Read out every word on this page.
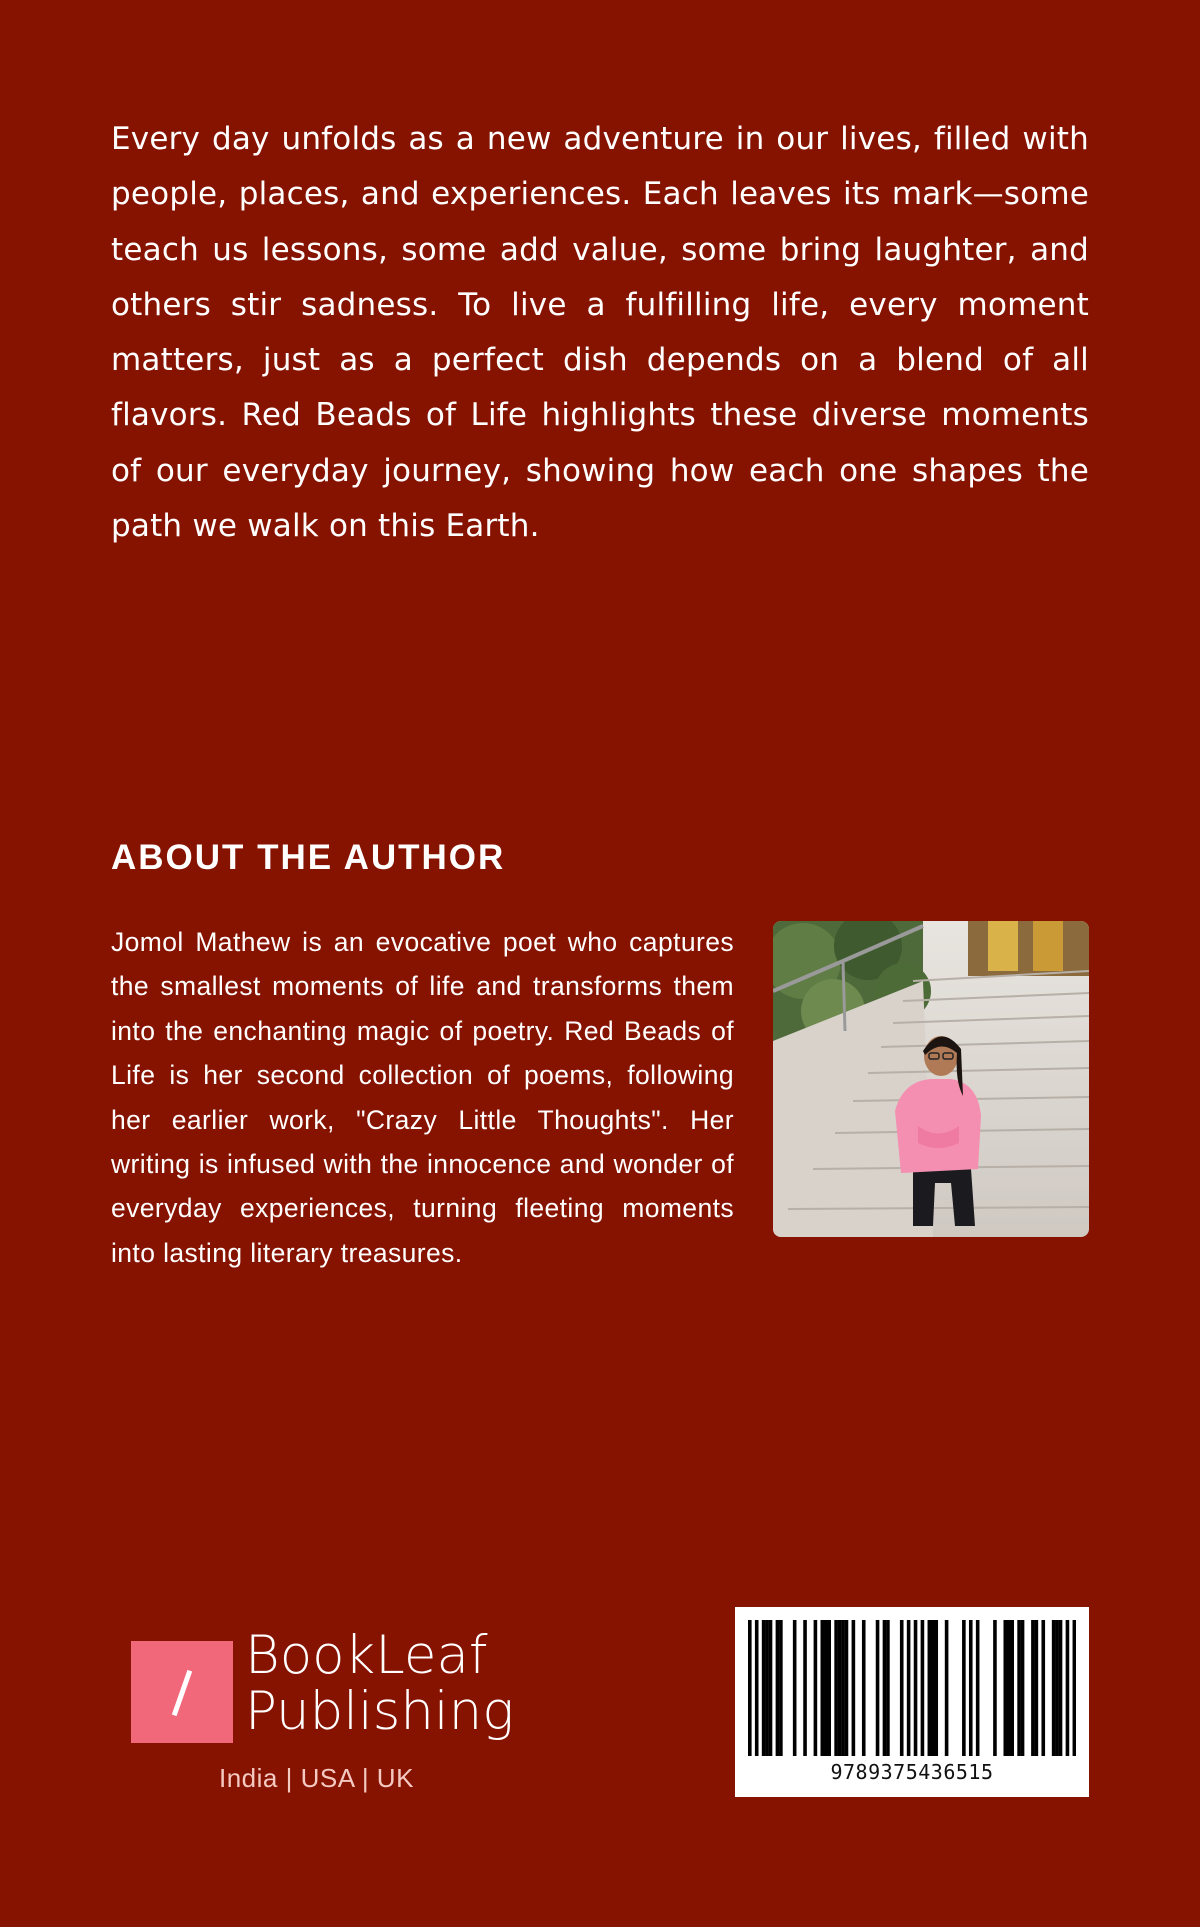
Every day unfolds as a new adventure in our lives, filled with people, places, and experiences. Each leaves its mark—some teach us lessons, some add value, some bring laughter, and others stir sadness. To live a fulfilling life, every moment matters, just as a perfect dish depends on a blend of all flavors. Red Beads of Life highlights these diverse moments of our everyday journey, showing how each one shapes the path we walk on this Earth.

ABOUT THE AUTHOR

Jomol Mathew is an evocative poet who captures the smallest moments of life and transforms them into the enchanting magic of poetry. Red Beads of Life is her second collection of poems, following her earlier work, "Crazy Little Thoughts". Her writing is infused with the innocence and wonder of everyday experiences, turning fleeting moments into lasting literary treasures.

BookLeaf
Publishing
India | USA | UK	9789375436515
